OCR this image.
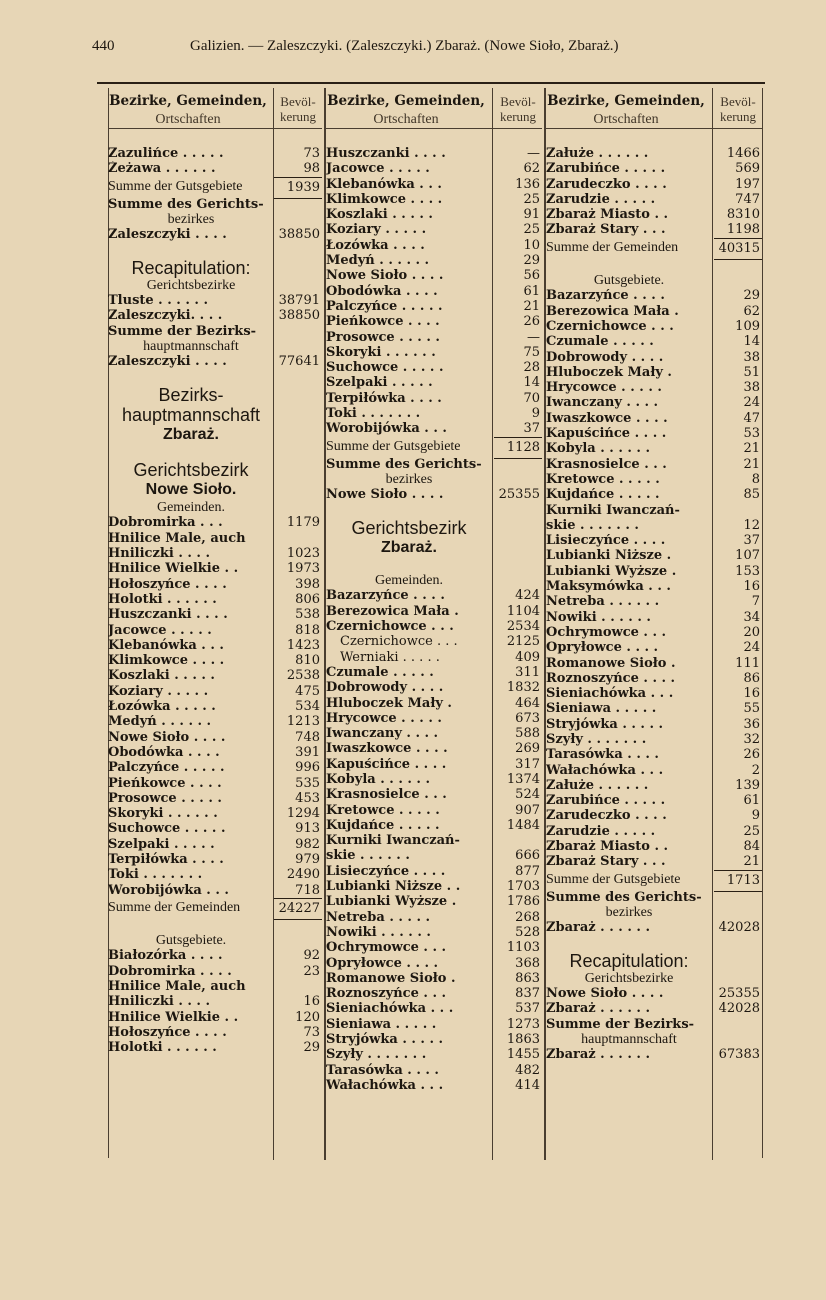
440	Galizien. — Zaleszczyki. (Zaleszczyki.) Zbaraż. (Nowe Sioło, Zbaraż.)
Bezirke, Gemeinden,
Ortschaften
Bevöl-
kerung
Zazulińce . . . . .	73
Żeżawa . . . . . .	98
Summe der Gutsgebiete	1939
Summe des Gerichts-
bezirkes
Zaleszczyki . . . .	38850
Recapitulation:
Gerichtsbezirke
Tluste . . . . . .	38791
Zaleszczyki. . . .	38850
Summe der Bezirks-
hauptmannschaft
Zaleszczyki . . . .	77641
Bezirks-
hauptmannschaft
Zbaraż.
Gerichtsbezirk
Nowe Sioło.
Gemeinden.
Dobromirka . . .	1179
Hnilice Male, auch
Hniliczki . . . .	1023
Hnilice Wielkie . .	1973
Hołoszyńce . . . .	398
Holotki . . . . . .	806
Huszczanki . . . .	538
Jacowce . . . . .	818
Klebanówka . . .	1423
Klimkowce . . . .	810
Koszlaki . . . . .	2538
Koziary . . . . .	475
Łozówka . . . . .	534
Medyń . . . . . .	1213
Nowe Sioło . . . .	748
Obodówka . . . .	391
Palczyńce . . . . .	996
Pieńkowce . . . .	535
Prosowce . . . . .	453
Skoryki . . . . . .	1294
Suchowce . . . . .	913
Szelpaki . . . . .	982
Terpiłówka . . . .	979
Toki . . . . . . .	2490
Worobijówka . . .	718
Summe der Gemeinden	24227
Gutsgebiete.
Białozórka . . . .	92
Dobromirka . . . .	23
Hnilice Male, auch
Hniliczki . . . .	16
Hnilice Wielkie . .	120
Hołoszyńce . . . .	73
Holotki . . . . . .	29
Bezirke, Gemeinden,
Ortschaften
Bevöl-
kerung
Huszczanki . . . .	—
Jacowce . . . . .	62
Klebanówka . . .	136
Klimkowce . . . .	25
Koszlaki . . . . .	91
Koziary . . . . .	25
Łozówka . . . .	10
Medyń . . . . . .	29
Nowe Sioło . . . .	56
Obodówka . . . .	61
Palczyńce . . . . .	21
Pieńkowce . . . .	26
Prosowce . . . . .	—
Skoryki . . . . . .	75
Suchowce . . . . .	28
Szelpaki . . . . .	14
Terpiłówka . . . .	70
Toki . . . . . . .	9
Worobijówka . . .	37
Summe der Gutsgebiete	1128
Summe des Gerichts-
bezirkes
Nowe Sioło . . . .	25355
Gerichtsbezirk
Zbaraż.
Gemeinden.
Bazarzyńce . . . .	424
Berezowica Mała .	1104
Czernichowce . . .	2534
Czernichowce . . .	2125
Werniaki . . . . .	409
Czumale . . . . .	311
Dobrowody . . . .	1832
Hluboczek Mały .	464
Hrycowce . . . . .	673
Iwanczany . . . .	588
Iwaszkowce . . . .	269
Kapuścińce . . . .	317
Kobyla . . . . . .	1374
Krasnosielce . . .	524
Kretowce . . . . .	907
Kujdańce . . . . .	1484
Kurniki Iwanczań-
skie . . . . . .	666
Lisieczyńce . . . .	877
Lubianki Niższe . .	1703
Lubianki Wyższe .	1786
Netreba . . . . .	268
Nowiki . . . . . .	528
Ochrymowce . . .	1103
Opryłowce . . . .	368
Romanowe Sioło .	863
Roznoszyńce . . .	837
Sieniachówka . . .	537
Sieniawa . . . . .	1273
Stryjówka . . . . .	1863
Szyły . . . . . . .	1455
Tarasówka . . . .	482
Wałachówka . . .	414
Bezirke, Gemeinden,
Ortschaften
Bevöl-
kerung
Załuże . . . . . .	1466
Zarubińce . . . . .	569
Zarudeczko . . . .	197
Zarudzie . . . . .	747
Zbaraż Miasto . .	8310
Zbaraż Stary . . .	1198
Summe der Gemeinden	40315
Gutsgebiete.
Bazarzyńce . . . .	29
Berezowica Mała .	62
Czernichowce . . .	109
Czumale . . . . .	14
Dobrowody . . . .	38
Hluboczek Mały .	51
Hrycowce . . . . .	38
Iwanczany . . . .	24
Iwaszkowce . . . .	47
Kapuścińce . . . .	53
Kobyla . . . . . .	21
Krasnosielce . . .	21
Kretowce . . . . .	8
Kujdańce . . . . .	85
Kurniki Iwanczań-
skie . . . . . . .	12
Lisieczyńce . . . .	37
Lubianki Niższe .	107
Lubianki Wyższe .	153
Maksymówka . . .	16
Netreba . . . . . .	7
Nowiki . . . . . .	34
Ochrymowce . . .	20
Opryłowce . . . .	24
Romanowe Sioło .	111
Roznoszyńce . . . .	86
Sieniachówka . . .	16
Sieniawa . . . . .	55
Stryjówka . . . . .	36
Szyły . . . . . . .	32
Tarasówka . . . .	26
Wałachówka . . .	2
Załuże . . . . . .	139
Zarubińce . . . . .	61
Zarudeczko . . . .	9
Zarudzie . . . . .	25
Zbaraż Miasto . .	84
Zbaraż Stary . . .	21
Summe der Gutsgebiete	1713
Summe des Gerichts-
bezirkes
Zbaraż . . . . . .	42028
Recapitulation:
Gerichtsbezirke
Nowe Sioło . . . .	25355
Zbaraż . . . . . .	42028
Summe der Bezirks-
hauptmannschaft
Zbaraż . . . . . .	67383
